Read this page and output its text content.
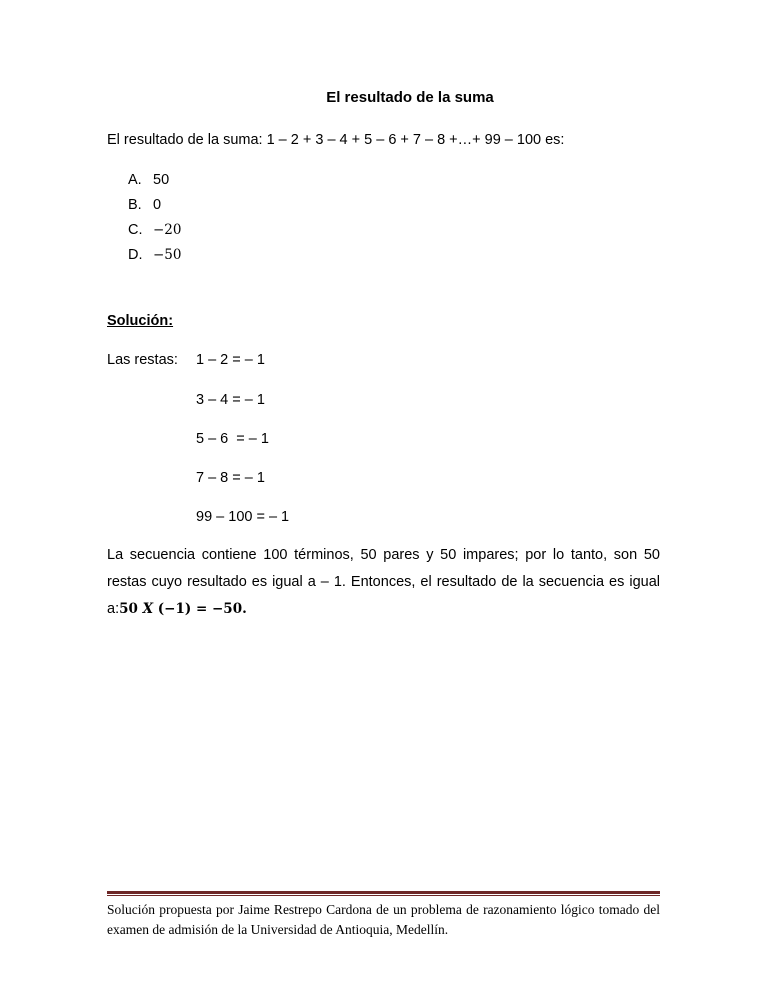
El resultado de la suma
El resultado de la suma: 1 – 2 + 3 – 4 + 5 – 6 + 7 – 8 +…+ 99 – 100 es:
A. 50
B. 0
C. −20
D. −50
Solución:
Las restas: 1 – 2 = – 1
3 – 4 = – 1
5 – 6  = – 1
7 – 8 = – 1
99 – 100 = – 1
La secuencia contiene 100 términos, 50 pares y 50 impares; por lo tanto, son 50 restas cuyo resultado es igual a – 1. Entonces, el resultado de la secuencia es igual a:50 X (−1) = −50.
Solución propuesta por Jaime Restrepo Cardona de un problema de razonamiento lógico tomado del examen de admisión de la Universidad de Antioquia, Medellín.
